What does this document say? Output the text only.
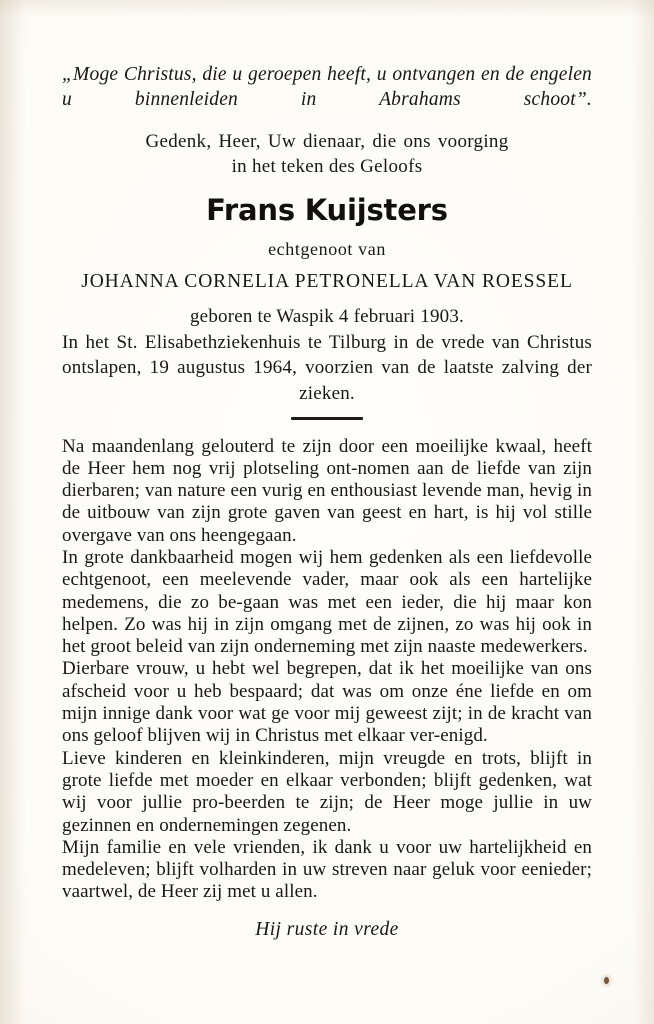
„Moge Christus, die u geroepen heeft, u ontvangen en de engelen u binnenleiden in Abrahams schoot”.
Gedenk, Heer, Uw dienaar, die ons voorging
in het teken des Geloofs
Frans Kuijsters
echtgenoot van
JOHANNA CORNELIA PETRONELLA VAN ROESSEL
geboren te Waspik 4 februari 1903.
In het St. Elisabethziekenhuis te Tilburg in de vrede van Christus ontslapen, 19 augustus 1964, voorzien van de laatste zalving der zieken.

Na maandenlang gelouterd te zijn door een moeilijke kwaal, heeft de Heer hem nog vrij plotseling ont-nomen aan de liefde van zijn dierbaren; van nature een vurig en enthousiast levende man, hevig in de uitbouw van zijn grote gaven van geest en hart, is hij vol stille overgave van ons heengegaan.

In grote dankbaarheid mogen wij hem gedenken als een liefdevolle echtgenoot, een meelevende vader, maar ook als een hartelijke medemens, die zo be-gaan was met een ieder, die hij maar kon helpen. Zo was hij in zijn omgang met de zijnen, zo was hij ook in het groot beleid van zijn onderneming met zijn naaste medewerkers.

Dierbare vrouw, u hebt wel begrepen, dat ik het moeilijke van ons afscheid voor u heb bespaard; dat was om onze éne liefde en om mijn innige dank voor wat ge voor mij geweest zijt; in de kracht van ons geloof blijven wij in Christus met elkaar ver-enigd.

Lieve kinderen en kleinkinderen, mijn vreugde en trots, blijft in grote liefde met moeder en elkaar verbonden; blijft gedenken, wat wij voor jullie pro-beerden te zijn; de Heer moge jullie in uw gezinnen en ondernemingen zegenen.

Mijn familie en vele vrienden, ik dank u voor uw hartelijkheid en medeleven; blijft volharden in uw streven naar geluk voor eenieder; vaartwel, de Heer zij met u allen.

Hij ruste in vrede
